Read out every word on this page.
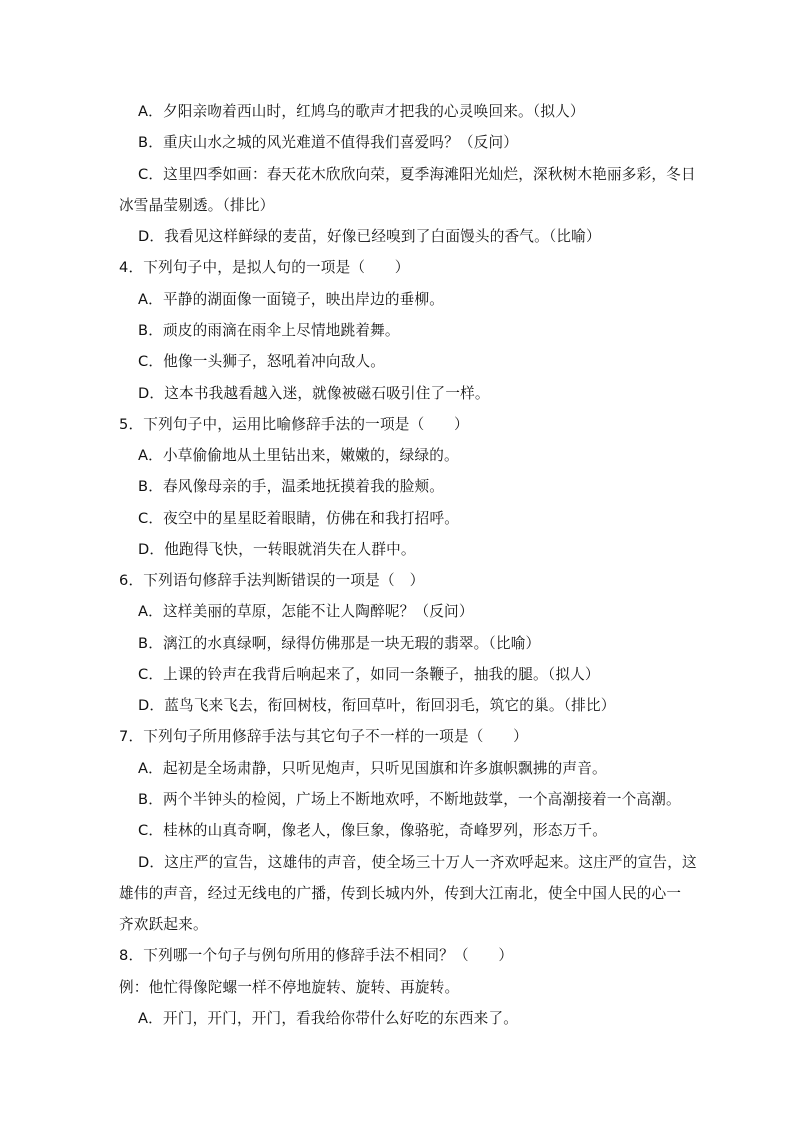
A．夕阳亲吻着西山时，红鸠乌的歌声才把我的心灵唤回来。（拟人）
B．重庆山水之城的风光难道不值得我们喜爱吗？（反问）
C．这里四季如画：春天花木欣欣向荣，夏季海滩阳光灿烂，深秋树木艳丽多彩，冬日
冰雪晶莹剔透。（排比）
D．我看见这样鲜绿的麦苗，好像已经嗅到了白面馒头的香气。（比喻）
4．下列句子中，是拟人句的一项是（　　）
A．平静的湖面像一面镜子，映出岸边的垂柳。
B．顽皮的雨滴在雨伞上尽情地跳着舞。
C．他像一头狮子，怒吼着冲向敌人。
D．这本书我越看越入迷，就像被磁石吸引住了一样。
5．下列句子中，运用比喻修辞手法的一项是（　　）
A．小草偷偷地从土里钻出来，嫩嫩的，绿绿的。
B．春风像母亲的手，温柔地抚摸着我的脸颊。
C．夜空中的星星眨着眼睛，仿佛在和我打招呼。
D．他跑得飞快，一转眼就消失在人群中。
6．下列语句修辞手法判断错误的一项是（　）
A．这样美丽的草原，怎能不让人陶醉呢？（反问）
B．漓江的水真绿啊，绿得仿佛那是一块无瑕的翡翠。（比喻）
C．上课的铃声在我背后响起来了，如同一条鞭子，抽我的腿。（拟人）
D．蓝鸟飞来飞去，衔回树枝，衔回草叶，衔回羽毛，筑它的巢。（排比）
7．下列句子所用修辞手法与其它句子不一样的一项是（　　）
A．起初是全场肃静，只听见炮声，只听见国旗和许多旗帜飘拂的声音。
B．两个半钟头的检阅，广场上不断地欢呼，不断地鼓掌，一个高潮接着一个高潮。
C．桂林的山真奇啊，像老人，像巨象，像骆驼，奇峰罗列，形态万千。
D．这庄严的宣告，这雄伟的声音，使全场三十万人一齐欢呼起来。这庄严的宣告，这
雄伟的声音，经过无线电的广播，传到长城内外，传到大江南北，使全中国人民的心一
齐欢跃起来。
8．下列哪一个句子与例句所用的修辞手法不相同？（　　）
例：他忙得像陀螺一样不停地旋转、旋转、再旋转。
A．开门，开门，开门，看我给你带什么好吃的东西来了。
